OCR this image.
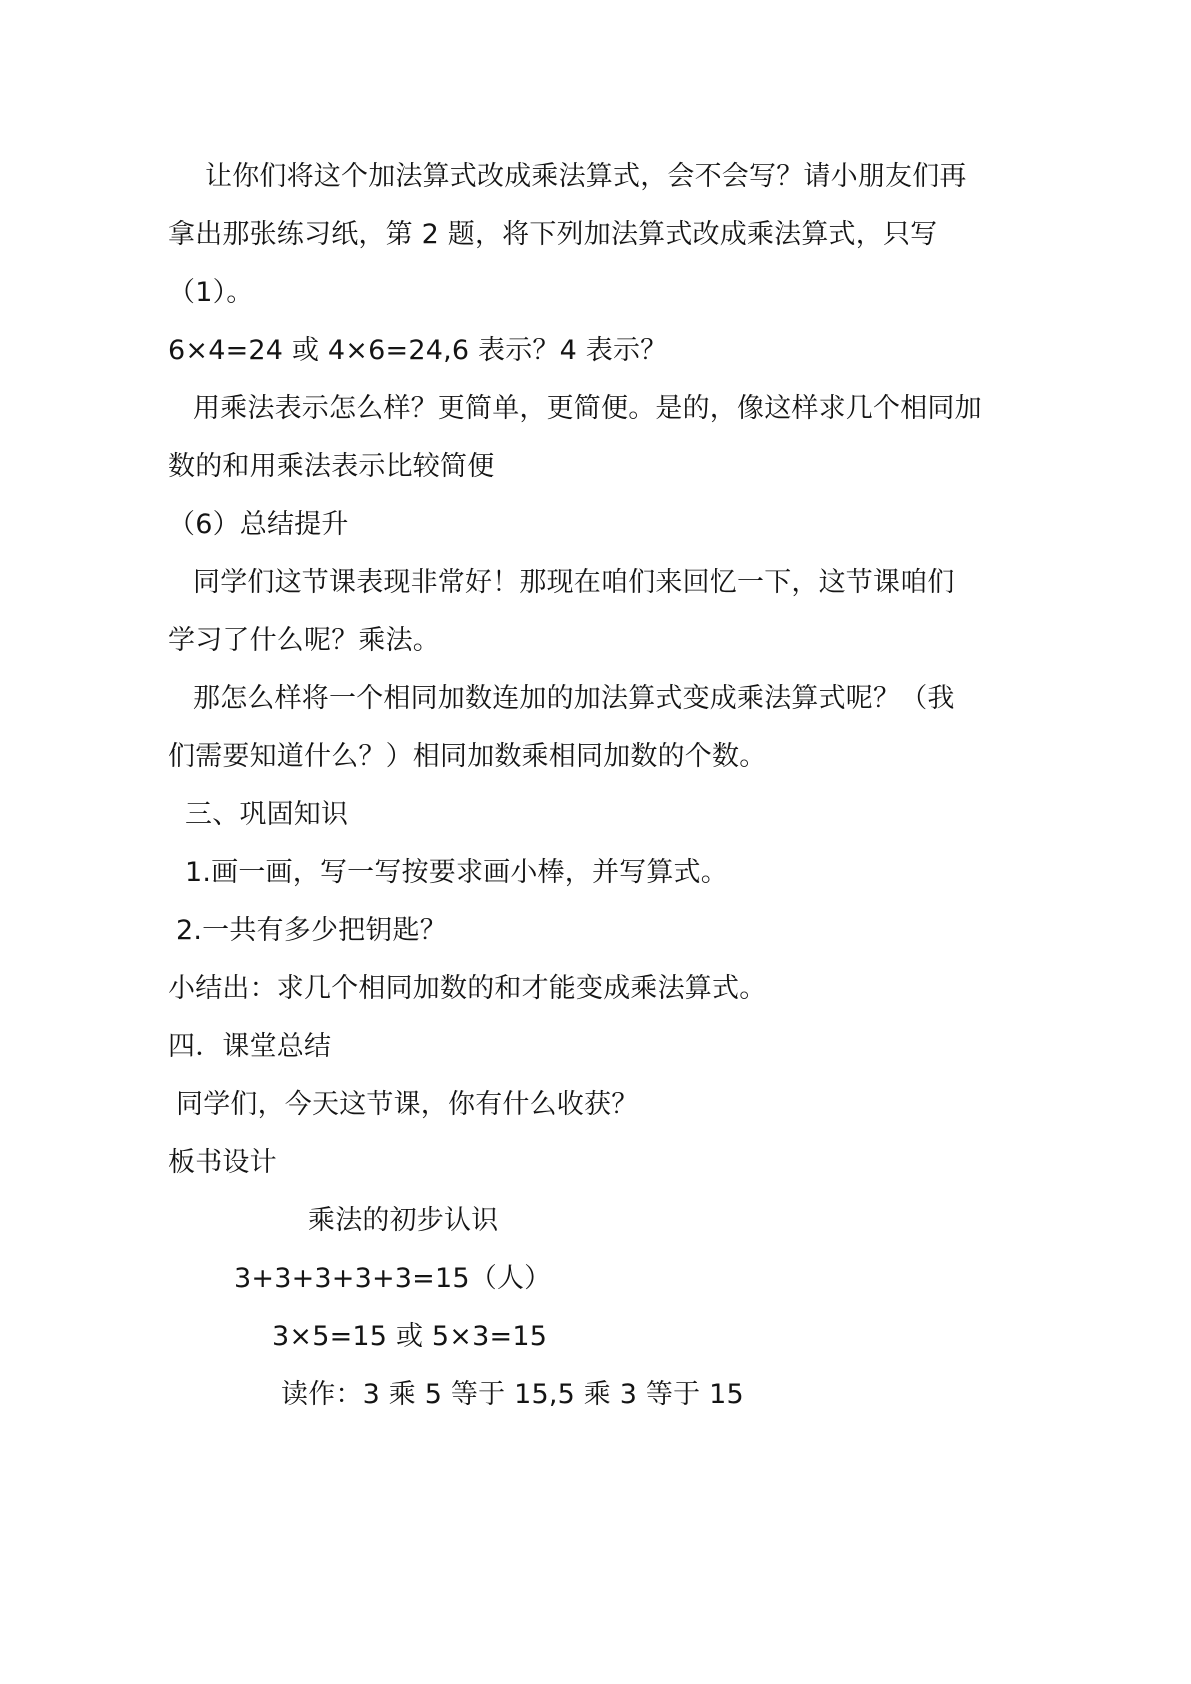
让你们将这个加法算式改成乘法算式，会不会写？请小朋友们再
拿出那张练习纸，第 2 题，将下列加法算式改成乘法算式，只写
（1）。
6×4=24 或 4×6=24,6 表示？4 表示？
用乘法表示怎么样？更简单，更简便。是的，像这样求几个相同加
数的和用乘法表示比较简便
（6）总结提升
同学们这节课表现非常好！那现在咱们来回忆一下，这节课咱们
学习了什么呢？乘法。
那怎么样将一个相同加数连加的加法算式变成乘法算式呢？（我
们需要知道什么？）相同加数乘相同加数的个数。
三、巩固知识
1.画一画，写一写按要求画小棒，并写算式。
2.一共有多少把钥匙？
小结出：求几个相同加数的和才能变成乘法算式。
四．课堂总结
同学们，今天这节课，你有什么收获？
板书设计
乘法的初步认识
3+3+3+3+3=15（人）
3×5=15 或 5×3=15
读作：3 乘 5 等于 15,5 乘 3 等于 15
